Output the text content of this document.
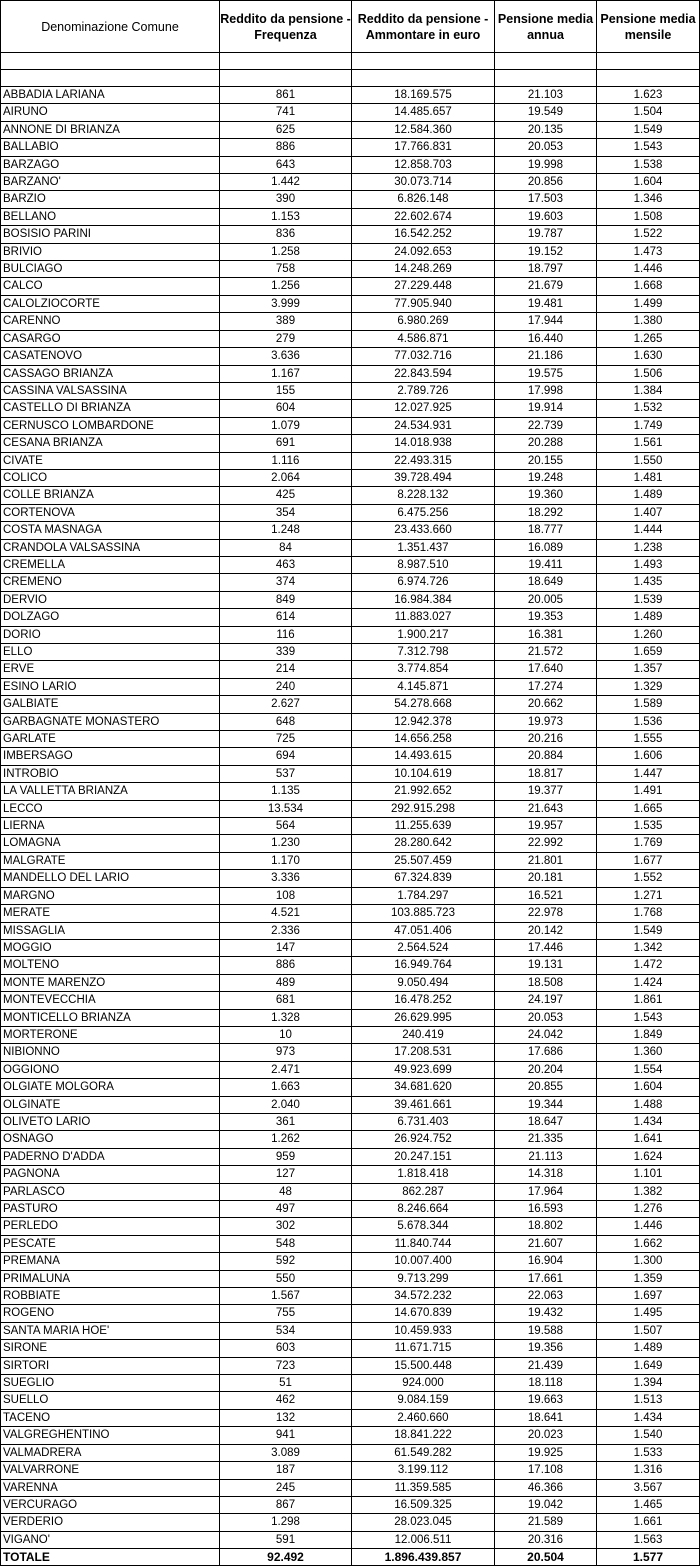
Denominazione Comune	Reddito da pensione - Frequenza	Reddito da pensione - Ammontare in euro	Pensione media annua	Pensione media mensile

ABBADIA LARIANA	861	18.169.575	21.103	1.623
AIRUNO	741	14.485.657	19.549	1.504
ANNONE DI BRIANZA	625	12.584.360	20.135	1.549
BALLABIO	886	17.766.831	20.053	1.543
BARZAGO	643	12.858.703	19.998	1.538
BARZANO'	1.442	30.073.714	20.856	1.604
BARZIO	390	6.826.148	17.503	1.346
BELLANO	1.153	22.602.674	19.603	1.508
BOSISIO PARINI	836	16.542.252	19.787	1.522
BRIVIO	1.258	24.092.653	19.152	1.473
BULCIAGO	758	14.248.269	18.797	1.446
CALCO	1.256	27.229.448	21.679	1.668
CALOLZIOCORTE	3.999	77.905.940	19.481	1.499
CARENNO	389	6.980.269	17.944	1.380
CASARGO	279	4.586.871	16.440	1.265
CASATENOVO	3.636	77.032.716	21.186	1.630
CASSAGO BRIANZA	1.167	22.843.594	19.575	1.506
CASSINA VALSASSINA	155	2.789.726	17.998	1.384
CASTELLO DI BRIANZA	604	12.027.925	19.914	1.532
CERNUSCO LOMBARDONE	1.079	24.534.931	22.739	1.749
CESANA BRIANZA	691	14.018.938	20.288	1.561
CIVATE	1.116	22.493.315	20.155	1.550
COLICO	2.064	39.728.494	19.248	1.481
COLLE BRIANZA	425	8.228.132	19.360	1.489
CORTENOVA	354	6.475.256	18.292	1.407
COSTA MASNAGA	1.248	23.433.660	18.777	1.444
CRANDOLA VALSASSINA	84	1.351.437	16.089	1.238
CREMELLA	463	8.987.510	19.411	1.493
CREMENO	374	6.974.726	18.649	1.435
DERVIO	849	16.984.384	20.005	1.539
DOLZAGO	614	11.883.027	19.353	1.489
DORIO	116	1.900.217	16.381	1.260
ELLO	339	7.312.798	21.572	1.659
ERVE	214	3.774.854	17.640	1.357
ESINO LARIO	240	4.145.871	17.274	1.329
GALBIATE	2.627	54.278.668	20.662	1.589
GARBAGNATE MONASTERO	648	12.942.378	19.973	1.536
GARLATE	725	14.656.258	20.216	1.555
IMBERSAGO	694	14.493.615	20.884	1.606
INTROBIO	537	10.104.619	18.817	1.447
LA VALLETTA BRIANZA	1.135	21.992.652	19.377	1.491
LECCO	13.534	292.915.298	21.643	1.665
LIERNA	564	11.255.639	19.957	1.535
LOMAGNA	1.230	28.280.642	22.992	1.769
MALGRATE	1.170	25.507.459	21.801	1.677
MANDELLO DEL LARIO	3.336	67.324.839	20.181	1.552
MARGNO	108	1.784.297	16.521	1.271
MERATE	4.521	103.885.723	22.978	1.768
MISSAGLIA	2.336	47.051.406	20.142	1.549
MOGGIO	147	2.564.524	17.446	1.342
MOLTENO	886	16.949.764	19.131	1.472
MONTE MARENZO	489	9.050.494	18.508	1.424
MONTEVECCHIA	681	16.478.252	24.197	1.861
MONTICELLO BRIANZA	1.328	26.629.995	20.053	1.543
MORTERONE	10	240.419	24.042	1.849
NIBIONNO	973	17.208.531	17.686	1.360
OGGIONO	2.471	49.923.699	20.204	1.554
OLGIATE MOLGORA	1.663	34.681.620	20.855	1.604
OLGINATE	2.040	39.461.661	19.344	1.488
OLIVETO LARIO	361	6.731.403	18.647	1.434
OSNAGO	1.262	26.924.752	21.335	1.641
PADERNO D'ADDA	959	20.247.151	21.113	1.624
PAGNONA	127	1.818.418	14.318	1.101
PARLASCO	48	862.287	17.964	1.382
PASTURO	497	8.246.664	16.593	1.276
PERLEDO	302	5.678.344	18.802	1.446
PESCATE	548	11.840.744	21.607	1.662
PREMANA	592	10.007.400	16.904	1.300
PRIMALUNA	550	9.713.299	17.661	1.359
ROBBIATE	1.567	34.572.232	22.063	1.697
ROGENO	755	14.670.839	19.432	1.495
SANTA MARIA HOE'	534	10.459.933	19.588	1.507
SIRONE	603	11.671.715	19.356	1.489
SIRTORI	723	15.500.448	21.439	1.649
SUEGLIO	51	924.000	18.118	1.394
SUELLO	462	9.084.159	19.663	1.513
TACENO	132	2.460.660	18.641	1.434
VALGREGHENTINO	941	18.841.222	20.023	1.540
VALMADRERA	3.089	61.549.282	19.925	1.533
VALVARRONE	187	3.199.112	17.108	1.316
VARENNA	245	11.359.585	46.366	3.567
VERCURAGO	867	16.509.325	19.042	1.465
VERDERIO	1.298	28.023.045	21.589	1.661
VIGANO'	591	12.006.511	20.316	1.563
TOTALE	92.492	1.896.439.857	20.504	1.577
